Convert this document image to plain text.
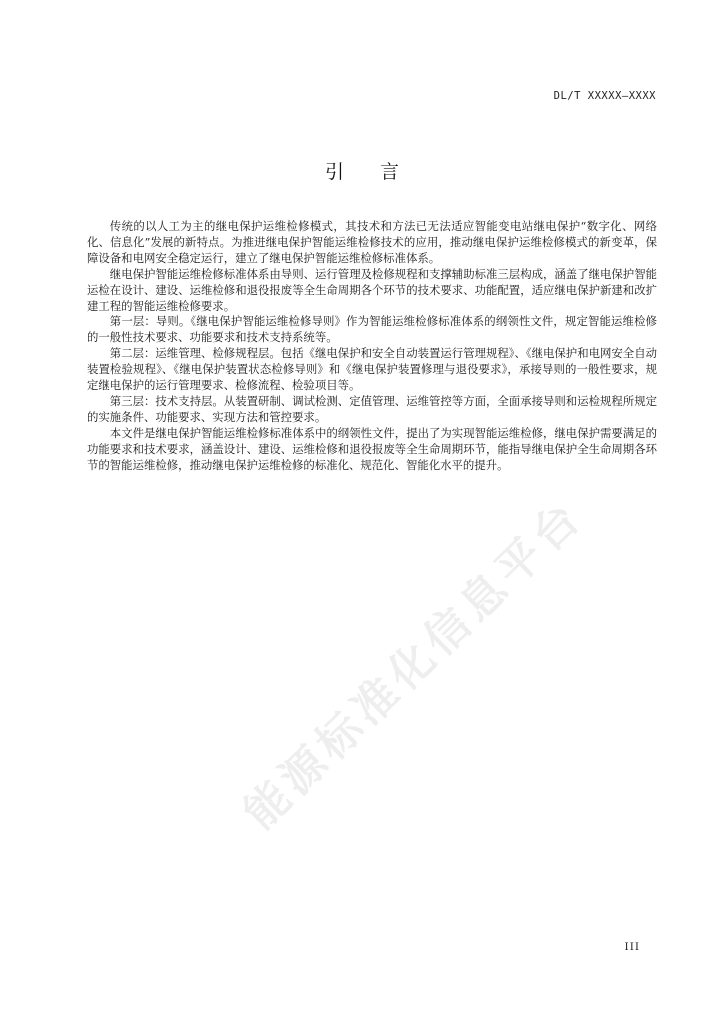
DL/T XXXXX—XXXX
引言

传统的以人工为主的继电保护运维检修模式，其技术和方法已无法适应智能变电站继电保护“数字化、网络化、信息化”发展的新特点。为推进继电保护智能运维检修技术的应用，推动继电保护运维检修模式的新变革，保障设备和电网安全稳定运行，建立了继电保护智能运维检修标准体系。

继电保护智能运维检修标准体系由导则、运行管理及检修规程和支撑辅助标准三层构成，涵盖了继电保护智能运检在设计、建设、运维检修和退役报废等全生命周期各个环节的技术要求、功能配置，适应继电保护新建和改扩建工程的智能运维检修要求。

第一层：导则。《继电保护智能运维检修导则》作为智能运维检修标准体系的纲领性文件，规定智能运维检修的一般性技术要求、功能要求和技术支持系统等。

第二层：运维管理、检修规程层。包括《继电保护和安全自动装置运行管理规程》、《继电保护和电网安全自动装置检验规程》、《继电保护装置状态检修导则》和《继电保护装置修理与退役要求》，承接导则的一般性要求，规定继电保护的运行管理要求、检修流程、检验项目等。

第三层：技术支持层。从装置研制、调试检测、定值管理、运维管控等方面，全面承接导则和运检规程所规定的实施条件、功能要求、实现方法和管控要求。

本文件是继电保护智能运维检修标准体系中的纲领性文件，提出了为实现智能运维检修，继电保护需要满足的功能要求和技术要求，涵盖设计、建设、运维检修和退役报废等全生命周期环节，能指导继电保护全生命周期各环节的智能运维检修，推动继电保护运维检修的标准化、规范化、智能化水平的提升。

能源标准化信息平台
III
